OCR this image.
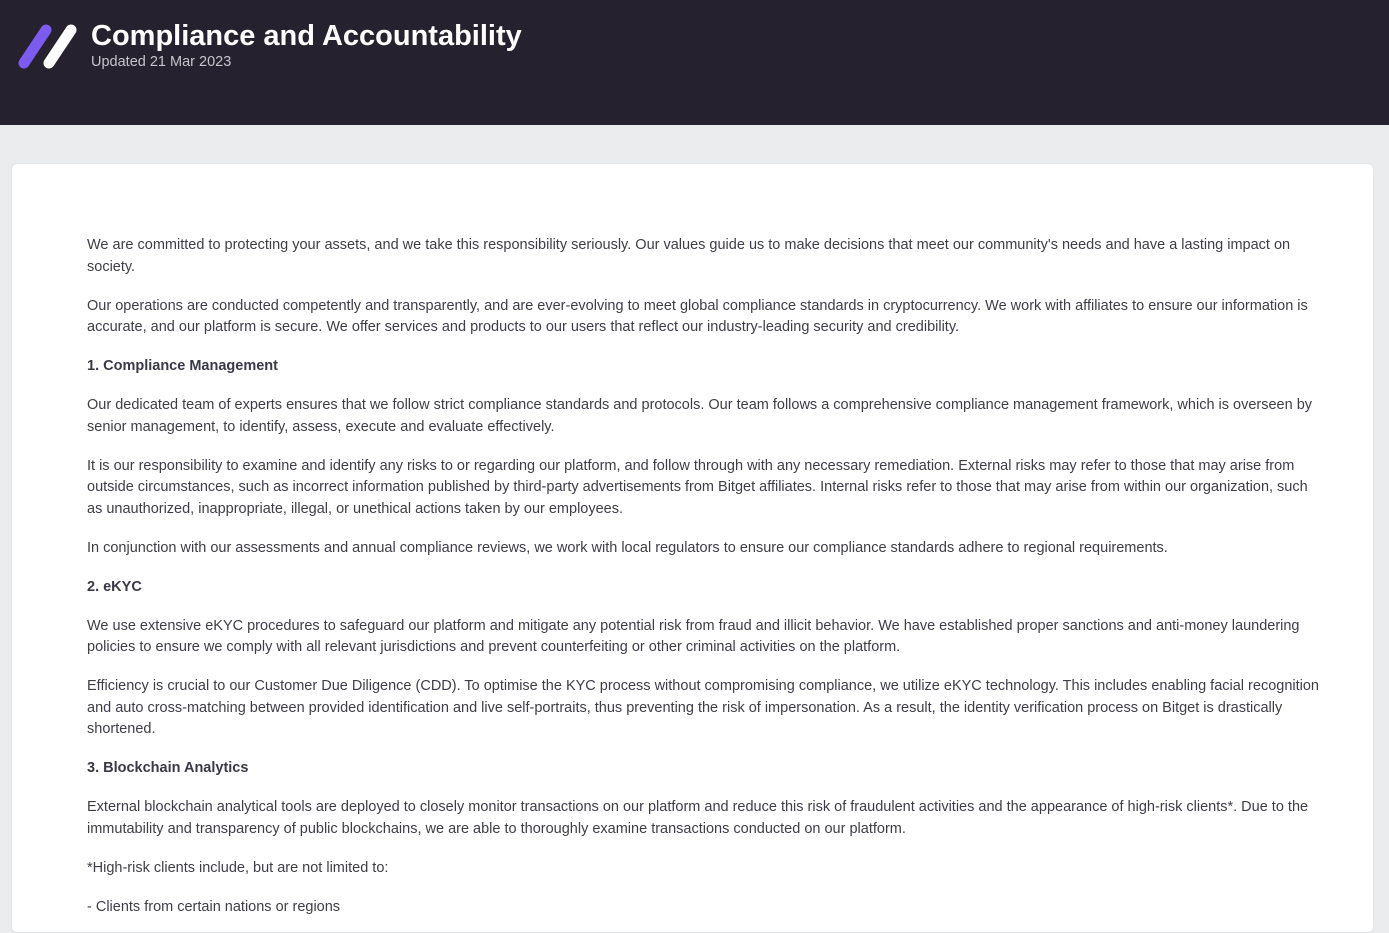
Compliance and Accountability
Updated 21 Mar 2023

We are committed to protecting your assets, and we take this responsibility seriously. Our values guide us to make decisions that meet our community's needs and have a lasting impact on society.

Our operations are conducted competently and transparently, and are ever-evolving to meet global compliance standards in cryptocurrency. We work with affiliates to ensure our information is accurate, and our platform is secure. We offer services and products to our users that reflect our industry-leading security and credibility.

1. Compliance Management

Our dedicated team of experts ensures that we follow strict compliance standards and protocols. Our team follows a comprehensive compliance management framework, which is overseen by senior management, to identify, assess, execute and evaluate effectively.

It is our responsibility to examine and identify any risks to or regarding our platform, and follow through with any necessary remediation. External risks may refer to those that may arise from outside circumstances, such as incorrect information published by third-party advertisements from Bitget affiliates. Internal risks refer to those that may arise from within our organization, such as unauthorized, inappropriate, illegal, or unethical actions taken by our employees.

In conjunction with our assessments and annual compliance reviews, we work with local regulators to ensure our compliance standards adhere to regional requirements.

2. eKYC

We use extensive eKYC procedures to safeguard our platform and mitigate any potential risk from fraud and illicit behavior. We have established proper sanctions and anti-money laundering policies to ensure we comply with all relevant jurisdictions and prevent counterfeiting or other criminal activities on the platform.

Efficiency is crucial to our Customer Due Diligence (CDD). To optimise the KYC process without compromising compliance, we utilize eKYC technology. This includes enabling facial recognition and auto cross-matching between provided identification and live self-portraits, thus preventing the risk of impersonation. As a result, the identity verification process on Bitget is drastically shortened.

3. Blockchain Analytics

External blockchain analytical tools are deployed to closely monitor transactions on our platform and reduce this risk of fraudulent activities and the appearance of high-risk clients*. Due to the immutability and transparency of public blockchains, we are able to thoroughly examine transactions conducted on our platform.

*High-risk clients include, but are not limited to:

- Clients from certain nations or regions
